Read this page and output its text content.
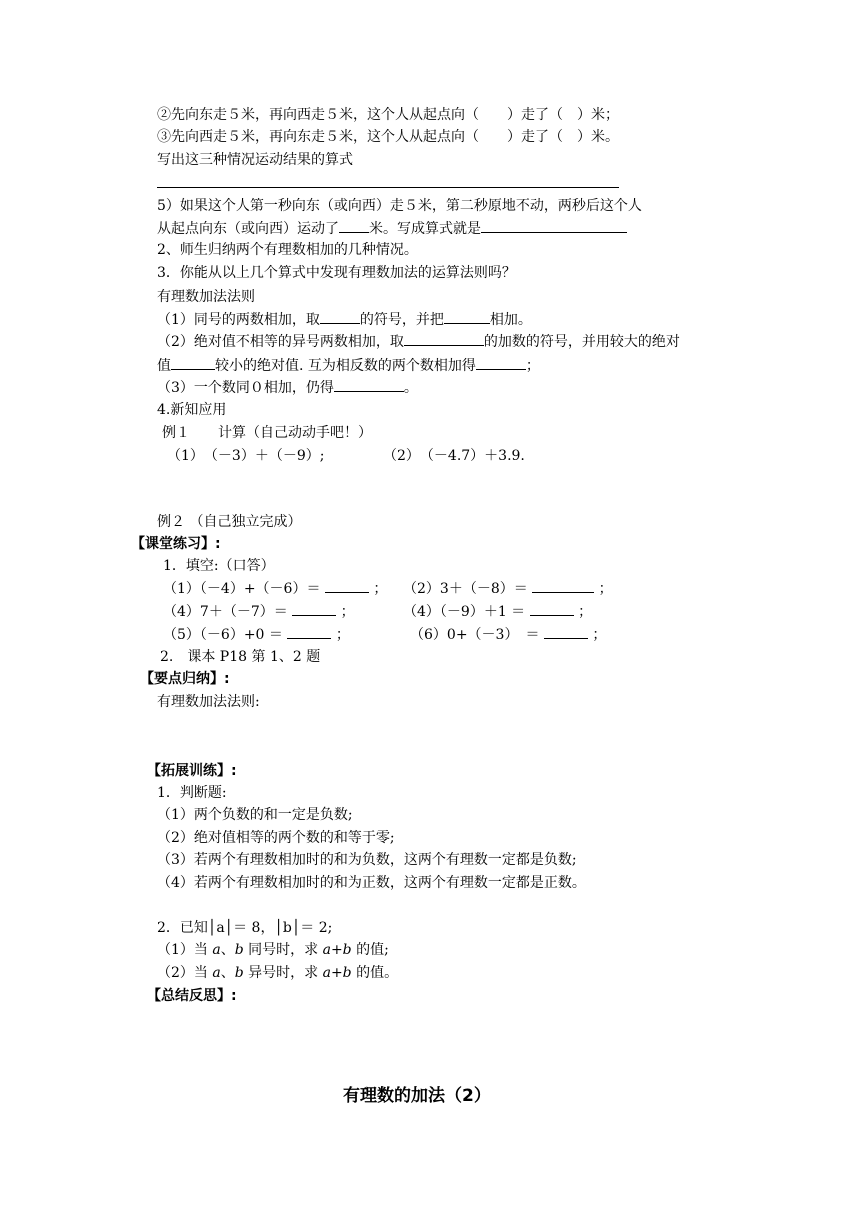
②先向东走５米，再向西走５米，这个人从起点向（　　）走了（　）米；
③先向西走５米，再向东走５米，这个人从起点向（　　）走了（　）米。
写出这三种情况运动结果的算式
5）如果这个人第一秒向东（或向西）走５米，第二秒原地不动，两秒后这个人
从起点向东（或向西）运动了 米。写成算式就是
2、师生归纳两个有理数相加的几种情况。
3．你能从以上几个算式中发现有理数加法的运算法则吗？
有理数加法法则
（1）同号的两数相加，取	的符号，并把	相加。
（2）绝对值不相等的异号两数相加，取	的加数的符号，并用较大的绝对
值	较小的绝对值. 互为相反数的两个数相加得	；
（3）一个数同０相加，仍得	。
4.新知应用
例１　　计算（自己动动手吧！）
（1）　（－3）＋（－9）;	（2）　（－4.7）＋3.9.
例２ （自己独立完成）
【课堂练习】:
1．填空:（口答）
（1）（－4）+（－6）＝	； （2）3＋（－8）＝	；
（4）7＋（－7）＝	；	（4）（－9）＋1 ＝	；
（5）（－6）+0 ＝	；	（6）0+（－3）　＝	；
2.　课本 P18 第 1、2 题
【要点归纳】:
有理数加法法则:
【拓展训练】:
1．判断题:
（1）两个负数的和一定是负数;
（2）绝对值相等的两个数的和等于零;
（3）若两个有理数相加时的和为负数，这两个有理数一定都是负数;
（4）若两个有理数相加时的和为正数，这两个有理数一定都是正数。
2．已知│a│＝ 8，│b│＝ 2;
（1）当 a、b 同号时，求 a+b 的值;
（2）当 a、b 异号时，求 a+b 的值。
【总结反思】:
有理数的加法（2）
